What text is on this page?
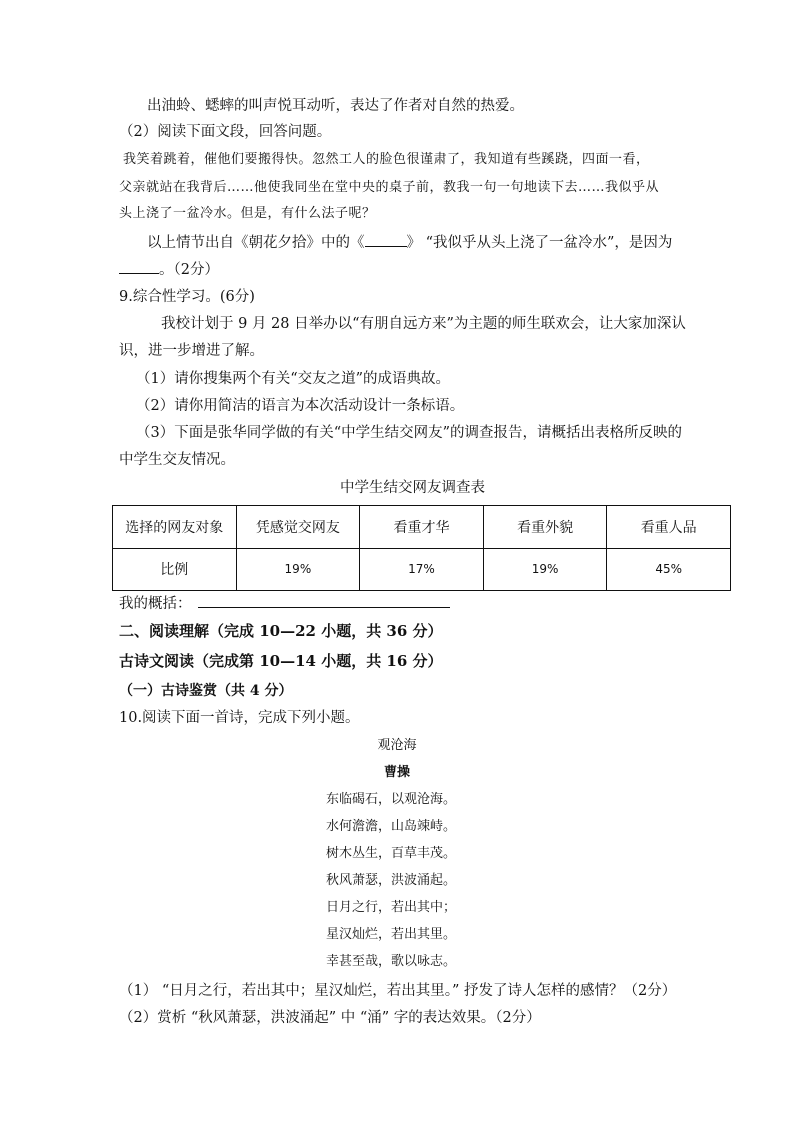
出油蛉、蟋蟀的叫声悦耳动听，表达了作者对自然的热爱。
（2）阅读下面文段，回答问题。
我笑着跳着，催他们要搬得快。忽然工人的脸色很谨肃了，我知道有些蹊跷，四面一看，
父亲就站在我背后……他使我同坐在堂中央的桌子前，教我一句一句地读下去……我似乎从
头上浇了一盆冷水。但是，有什么法子呢？
以上情节出自《朝花夕拾》中的《	》 “我似乎从头上浇了一盆冷水”，是因为
。（2分）
9.综合性学习。(6分)
我校计划于 9 月 28 日举办以“有朋自远方来”为主题的师生联欢会，让大家加深认
识，进一步增进了解。
（1）请你搜集两个有关“交友之道”的成语典故。
（2）请你用简洁的语言为本次活动设计一条标语。
（3）下面是张华同学做的有关“中学生结交网友”的调查报告，请概括出表格所反映的
中学生交友情况。
中学生结交网友调查表
选择的网友对象	凭感觉交网友	看重才华	看重外貌	看重人品
比例	19%	17%	19%	45%
我的概括：
二、阅读理解（完成 10—22 小题，共 36 分）
古诗文阅读（完成第 10—14 小题，共 16 分）
（一）古诗鉴赏（共 4 分）
10.阅读下面一首诗，完成下列小题。
观沧海
曹操
东临碣石，以观沧海。
水何澹澹，山岛竦峙。
树木丛生，百草丰茂。
秋风萧瑟，洪波涌起。
日月之行，若出其中；
星汉灿烂，若出其里。
幸甚至哉，歌以咏志。
（1） “日月之行，若出其中；星汉灿烂，若出其里。” 抒发了诗人怎样的感情？（2分）
（2）赏析 “秋风萧瑟，洪波涌起” 中 “涌” 字的表达效果。（2分）
